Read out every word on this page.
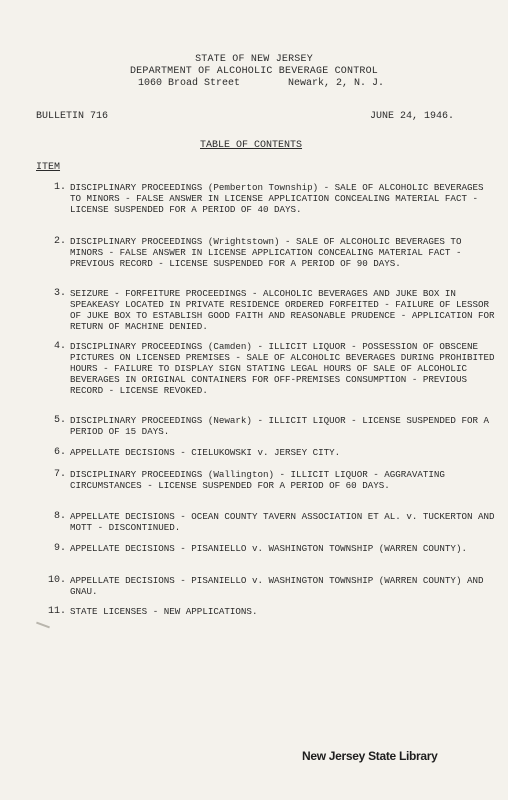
STATE OF NEW JERSEY
DEPARTMENT OF ALCOHOLIC BEVERAGE CONTROL
1060 Broad Street        Newark, 2, N. J.
BULLETIN 716	JUNE 24, 1946.
TABLE OF CONTENTS
ITEM
1. DISCIPLINARY PROCEEDINGS (Pemberton Township) - SALE OF ALCOHOLIC BEVERAGES TO MINORS - FALSE ANSWER IN LICENSE APPLICATION CONCEALING MATERIAL FACT - LICENSE SUSPENDED FOR A PERIOD OF 40 DAYS.
2. DISCIPLINARY PROCEEDINGS (Wrightstown) - SALE OF ALCOHOLIC BEVERAGES TO MINORS - FALSE ANSWER IN LICENSE APPLICATION CONCEALING MATERIAL FACT - PREVIOUS RECORD - LICENSE SUSPENDED FOR A PERIOD OF 90 DAYS.
3. SEIZURE - FORFEITURE PROCEEDINGS - ALCOHOLIC BEVERAGES AND JUKE BOX IN SPEAKEASY LOCATED IN PRIVATE RESIDENCE ORDERED FORFEITED - FAILURE OF LESSOR OF JUKE BOX TO ESTABLISH GOOD FAITH AND REASONABLE PRUDENCE - APPLICATION FOR RETURN OF MACHINE DENIED.
4. DISCIPLINARY PROCEEDINGS (Camden) - ILLICIT LIQUOR - POSSESSION OF OBSCENE PICTURES ON LICENSED PREMISES - SALE OF ALCOHOLIC BEVERAGES DURING PROHIBITED HOURS - FAILURE TO DISPLAY SIGN STATING LEGAL HOURS OF SALE OF ALCOHOLIC BEVERAGES IN ORIGINAL CONTAINERS FOR OFF-PREMISES CONSUMPTION - PREVIOUS RECORD - LICENSE REVOKED.
5. DISCIPLINARY PROCEEDINGS (Newark) - ILLICIT LIQUOR - LICENSE SUSPENDED FOR A PERIOD OF 15 DAYS.
6. APPELLATE DECISIONS - CIELUKOWSKI v. JERSEY CITY.
7. DISCIPLINARY PROCEEDINGS (Wallington) - ILLICIT LIQUOR - AGGRAVATING CIRCUMSTANCES - LICENSE SUSPENDED FOR A PERIOD OF 60 DAYS.
8. APPELLATE DECISIONS - OCEAN COUNTY TAVERN ASSOCIATION ET AL. v. TUCKERTON AND MOTT - DISCONTINUED.
9. APPELLATE DECISIONS - PISANIELLO v. WASHINGTON TOWNSHIP (WARREN COUNTY).
10. APPELLATE DECISIONS - PISANIELLO v. WASHINGTON TOWNSHIP (WARREN COUNTY) AND GNAU.
11. STATE LICENSES - NEW APPLICATIONS.
New Jersey State Library
